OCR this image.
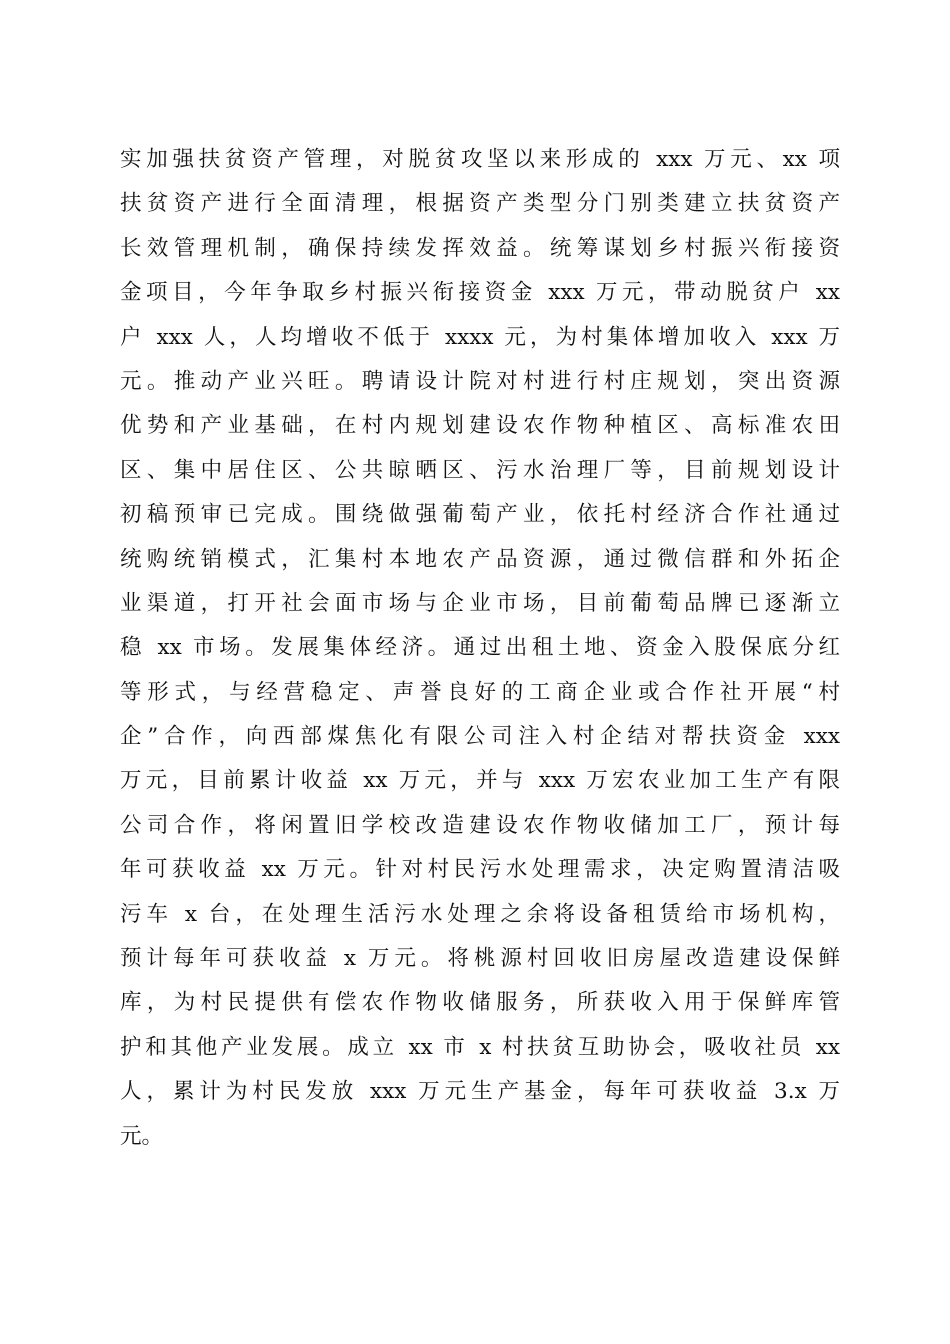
实加强扶贫资产管理，对脱贫攻坚以来形成的 xxx 万元、xx 项
扶贫资产进行全面清理，根据资产类型分门别类建立扶贫资产
长效管理机制，确保持续发挥效益。统筹谋划乡村振兴衔接资
金项目，今年争取乡村振兴衔接资金 xxx 万元，带动脱贫户 xx
户 xxx 人，人均增收不低于 xxxx 元，为村集体增加收入 xxx 万
元。推动产业兴旺。聘请设计院对村进行村庄规划，突出资源
优势和产业基础，在村内规划建设农作物种植区、高标准农田
区、集中居住区、公共晾晒区、污水治理厂等，目前规划设计
初稿预审已完成。围绕做强葡萄产业，依托村经济合作社通过
统购统销模式，汇集村本地农产品资源，通过微信群和外拓企
业渠道，打开社会面市场与企业市场，目前葡萄品牌已逐渐立
稳 xx 市场。发展集体经济。通过出租土地、资金入股保底分红
等形式，与经营稳定、声誉良好的工商企业或合作社开展“村
企”合作，向西部煤焦化有限公司注入村企结对帮扶资金 xxx
万元，目前累计收益 xx 万元，并与 xxx 万宏农业加工生产有限
公司合作，将闲置旧学校改造建设农作物收储加工厂，预计每
年可获收益 xx 万元。针对村民污水处理需求，决定购置清洁吸
污车 x 台，在处理生活污水处理之余将设备租赁给市场机构，
预计每年可获收益 x 万元。将桃源村回收旧房屋改造建设保鲜
库，为村民提供有偿农作物收储服务，所获收入用于保鲜库管
护和其他产业发展。成立 xx 市 x 村扶贫互助协会，吸收社员 xx
人，累计为村民发放 xxx 万元生产基金，每年可获收益 3.x 万
元。
